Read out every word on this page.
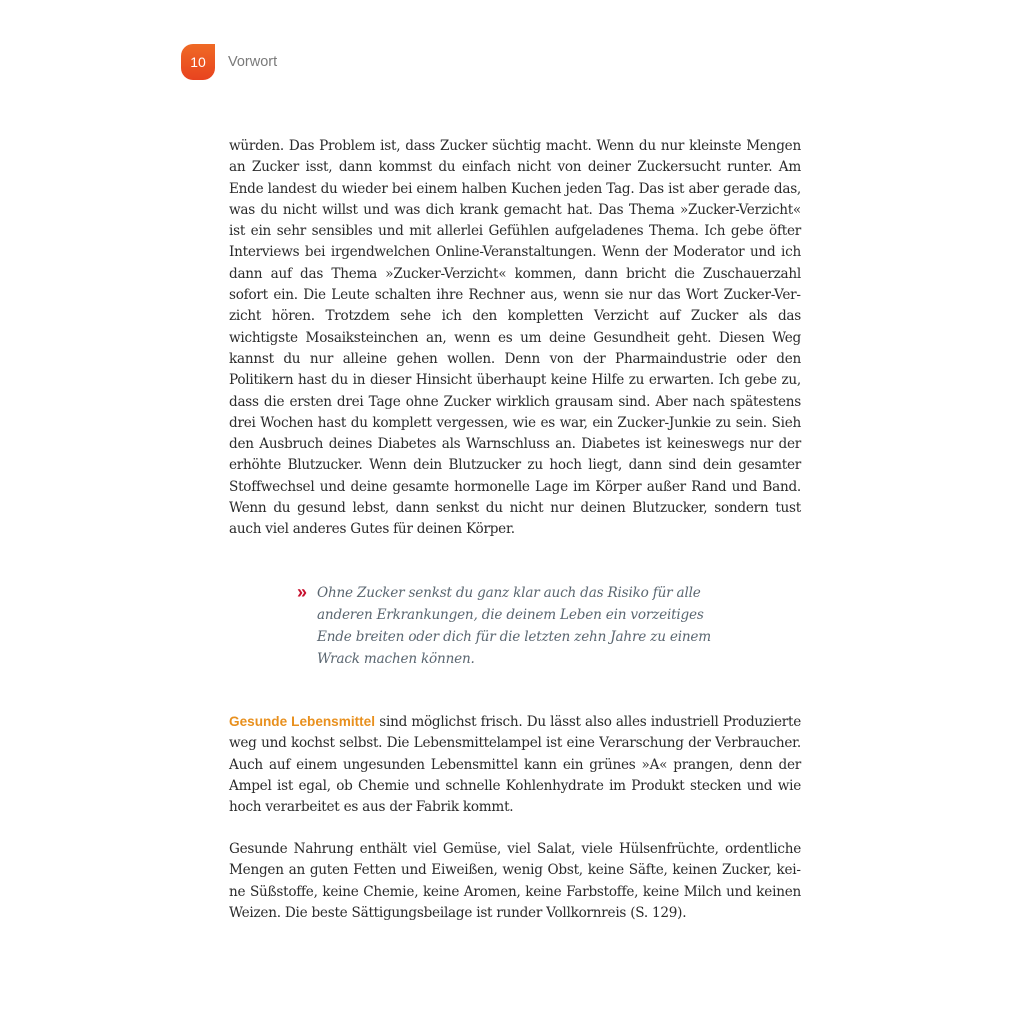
10 Vorwort

würden. Das Problem ist, dass Zucker süchtig macht. Wenn du nur kleinste Mengen an Zucker isst, dann kommst du einfach nicht von deiner Zuckersucht runter. Am Ende landest du wieder bei einem halben Kuchen jeden Tag. Das ist aber gerade das, was du nicht willst und was dich krank gemacht hat. Das Thema »Zucker-Verzicht« ist ein sehr sensibles und mit allerlei Gefühlen aufgeladenes Thema. Ich gebe öfter Interviews bei irgendwelchen Online-Veranstaltungen. Wenn der Moderator und ich dann auf das Thema »Zucker-Verzicht« kommen, dann bricht die Zuschauerzahl sofort ein. Die Leute schalten ihre Rechner aus, wenn sie nur das Wort Zucker-Verzicht hören. Trotzdem sehe ich den kompletten Verzicht auf Zucker als das wichtigste Mosaiksteinchen an, wenn es um deine Gesundheit geht. Diesen Weg kannst du nur alleine gehen wollen. Denn von der Pharmaindustrie oder den Politikern hast du in dieser Hinsicht überhaupt keine Hilfe zu erwarten. Ich gebe zu, dass die ersten drei Tage ohne Zucker wirklich grausam sind. Aber nach spätestens drei Wochen hast du komplett vergessen, wie es war, ein Zucker-Junkie zu sein. Sieh den Ausbruch deines Diabetes als Warnschluss an. Diabetes ist keineswegs nur der erhöhte Blutzucker. Wenn dein Blutzucker zu hoch liegt, dann sind dein gesamter Stoffwechsel und deine gesamte hormonelle Lage im Körper außer Rand und Band. Wenn du gesund lebst, dann senkst du nicht nur deinen Blutzucker, sondern tust auch viel anderes Gutes für deinen Körper.

» Ohne Zucker senkst du ganz klar auch das Risiko für alle anderen Erkrankungen, die deinem Leben ein vorzeitiges Ende breiten oder dich für die letzten zehn Jahre zu einem Wrack machen können.

Gesunde Lebensmittel sind möglichst frisch. Du lässt also alles industriell Produzierte weg und kochst selbst. Die Lebensmittelampel ist eine Verarschung der Verbraucher. Auch auf einem ungesunden Lebensmittel kann ein grünes »A« prangen, denn der Ampel ist egal, ob Chemie und schnelle Kohlenhydrate im Produkt stecken und wie hoch verarbeitet es aus der Fabrik kommt.

Gesunde Nahrung enthält viel Gemüse, viel Salat, viele Hülsenfrüchte, ordentliche Mengen an guten Fetten und Eiweißen, wenig Obst, keine Säfte, keinen Zucker, keine Süßstoffe, keine Chemie, keine Aromen, keine Farbstoffe, keine Milch und keinen Weizen. Die beste Sättigungsbeilage ist runder Vollkornreis (S. 129).
